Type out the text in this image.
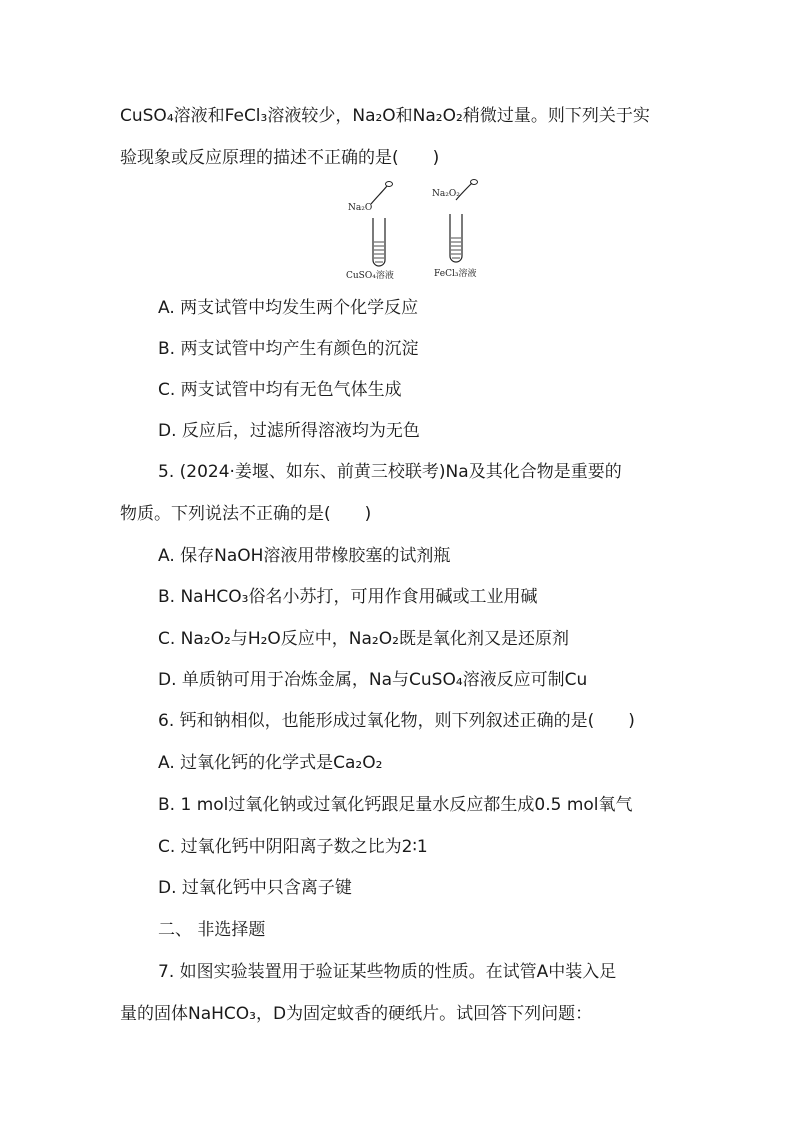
CuSO₄溶液和FeCl₃溶液较少，Na₂O和Na₂O₂稍微过量。则下列关于实
验现象或反应原理的描述不正确的是(　　)
Na₂O
CuSO₄溶液
Na₂O₂
FeCl₃溶液
A. 两支试管中均发生两个化学反应
B. 两支试管中均产生有颜色的沉淀
C. 两支试管中均有无色气体生成
D. 反应后，过滤所得溶液均为无色
5. (2024·姜堰、如东、前黄三校联考)Na及其化合物是重要的
物质。下列说法不正确的是(　　)
A. 保存NaOH溶液用带橡胶塞的试剂瓶
B. NaHCO₃俗名小苏打，可用作食用碱或工业用碱
C. Na₂O₂与H₂O反应中，Na₂O₂既是氧化剂又是还原剂
D. 单质钠可用于冶炼金属，Na与CuSO₄溶液反应可制Cu
6. 钙和钠相似，也能形成过氧化物，则下列叙述正确的是(　　)
A. 过氧化钙的化学式是Ca₂O₂
B. 1 mol过氧化钠或过氧化钙跟足量水反应都生成0.5 mol氧气
C. 过氧化钙中阴阳离子数之比为2∶1
D. 过氧化钙中只含离子键
二、 非选择题
7. 如图实验装置用于验证某些物质的性质。在试管A中装入足
量的固体NaHCO₃，D为固定蚊香的硬纸片。试回答下列问题：
